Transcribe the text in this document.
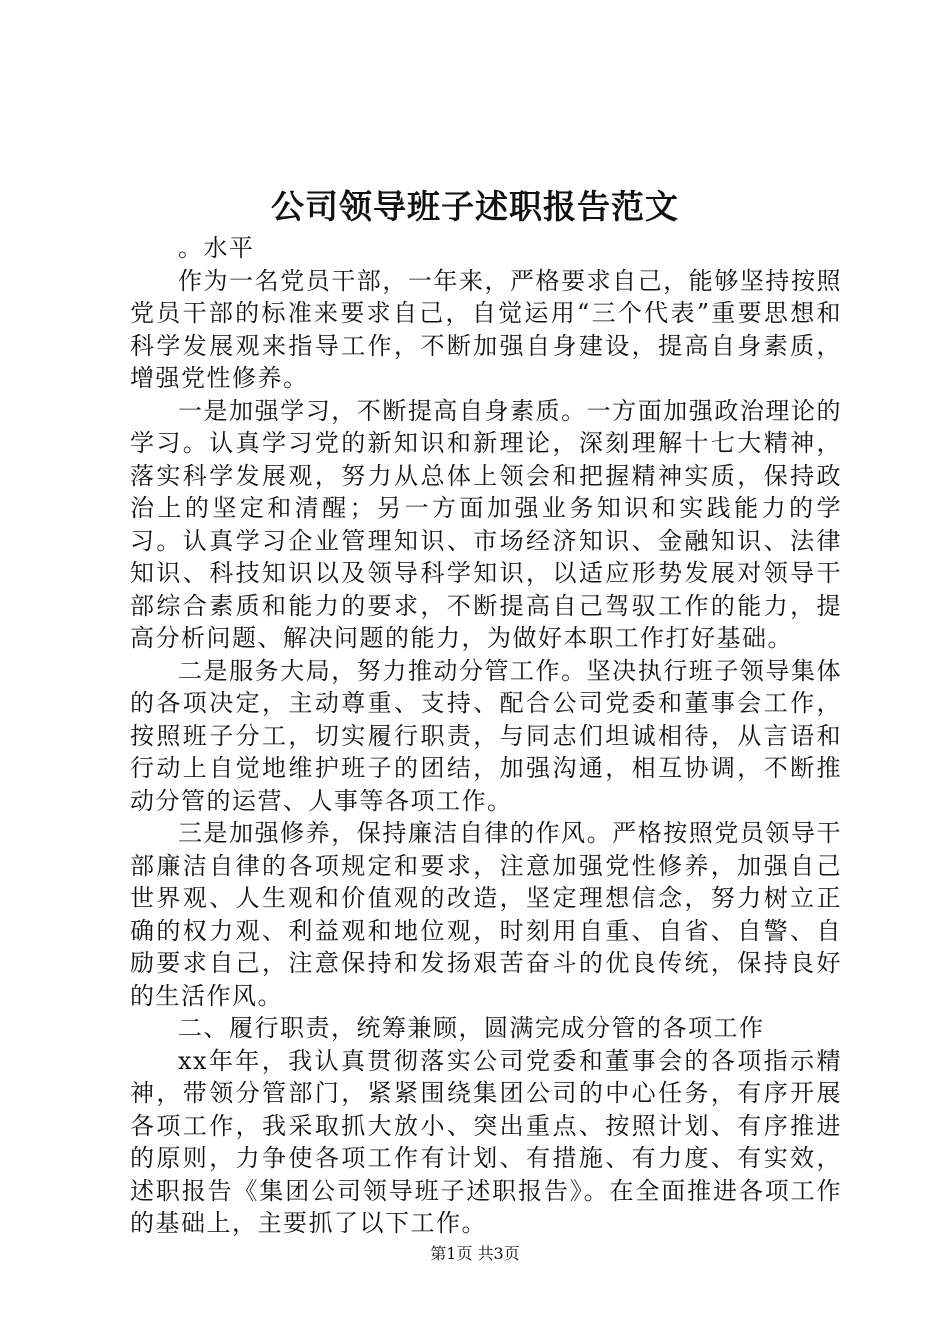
公司领导班子述职报告范文

。水平

作为一名党员干部，一年来，严格要求自己，能够坚持按照党员干部的标准来要求自己，自觉运用“三个代表”重要思想和科学发展观来指导工作，不断加强自身建设，提高自身素质，增强党性修养。

一是加强学习，不断提高自身素质。一方面加强政治理论的学习。认真学习党的新知识和新理论，深刻理解十七大精神，落实科学发展观，努力从总体上领会和把握精神实质，保持政治上的坚定和清醒；另一方面加强业务知识和实践能力的学习。认真学习企业管理知识、市场经济知识、金融知识、法律知识、科技知识以及领导科学知识，以适应形势发展对领导干部综合素质和能力的要求，不断提高自己驾驭工作的能力，提高分析问题、解决问题的能力，为做好本职工作打好基础。

二是服务大局，努力推动分管工作。坚决执行班子领导集体的各项决定，主动尊重、支持、配合公司党委和董事会工作，按照班子分工，切实履行职责，与同志们坦诚相待，从言语和行动上自觉地维护班子的团结，加强沟通，相互协调，不断推动分管的运营、人事等各项工作。

三是加强修养，保持廉洁自律的作风。严格按照党员领导干部廉洁自律的各项规定和要求，注意加强党性修养，加强自己世界观、人生观和价值观的改造，坚定理想信念，努力树立正确的权力观、利益观和地位观，时刻用自重、自省、自警、自励要求自己，注意保持和发扬艰苦奋斗的优良传统，保持良好的生活作风。

二、履行职责，统筹兼顾，圆满完成分管的各项工作

xx年年，我认真贯彻落实公司党委和董事会的各项指示精神，带领分管部门，紧紧围绕集团公司的中心任务，有序开展各项工作，我采取抓大放小、突出重点、按照计划、有序推进的原则，力争使各项工作有计划、有措施、有力度、有实效，述职报告《集团公司领导班子述职报告》。在全面推进各项工作的基础上，主要抓了以下工作。

第1页 共3页
